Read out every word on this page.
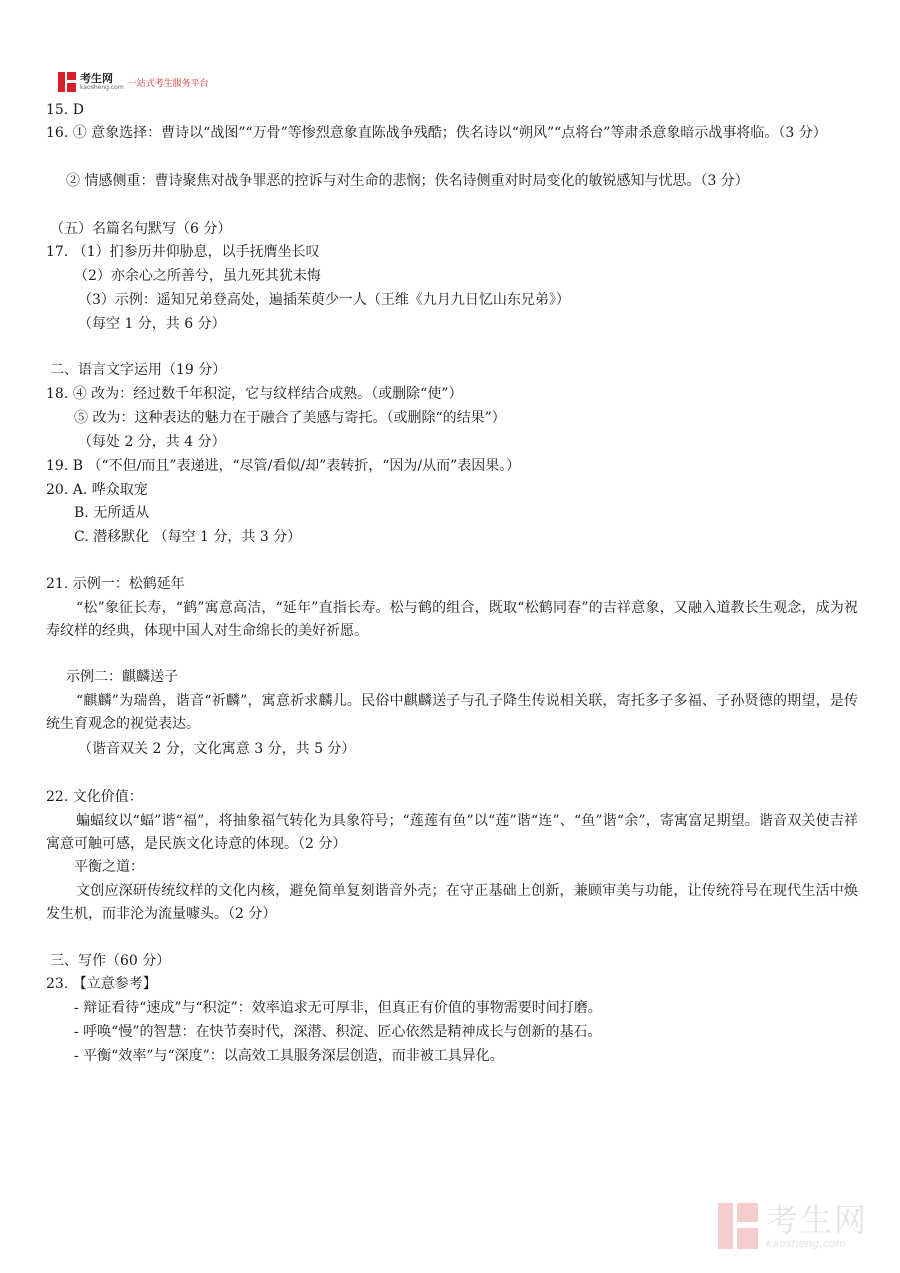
考生网
kaosheng.com 一站式考生服务平台
15. D
16. ① 意象选择：曹诗以“战图”“万骨”等惨烈意象直陈战争残酷；佚名诗以“朔风”“点将台”等肃杀意象暗示战事将临。（3 分）
② 情感侧重：曹诗聚焦对战争罪恶的控诉与对生命的悲悯；佚名诗侧重对时局变化的敏锐感知与忧思。（3 分）
（五）名篇名句默写（6 分）
17. （1）扪参历井仰胁息，以手抚膺坐长叹
（2）亦余心之所善兮，虽九死其犹未悔
（3）示例：遥知兄弟登高处，遍插茱萸少一人（王维《九月九日忆山东兄弟》）
（每空 1 分，共 6 分）
二、语言文字运用（19 分）
18. ④ 改为：经过数千年积淀，它与纹样结合成熟。（或删除“使”）
⑤ 改为：这种表达的魅力在于融合了美感与寄托。（或删除“的结果”）
（每处 2 分，共 4 分）
19. B （“不但/而且”表递进，“尽管/看似/却”表转折，“因为/从而”表因果。）
20. A. 哗众取宠
B. 无所适从
C. 潜移默化 （每空 1 分，共 3 分）
21. 示例一：松鹤延年
“松”象征长寿，“鹤”寓意高洁，“延年”直指长寿。松与鹤的组合，既取“松鹤同春”的吉祥意象，又融入道教长生观念，成为祝寿纹样的经典，体现中国人对生命绵长的美好祈愿。
示例二：麒麟送子
“麒麟”为瑞兽，谐音“祈麟”，寓意祈求麟儿。民俗中麒麟送子与孔子降生传说相关联，寄托多子多福、子孙贤德的期望，是传统生育观念的视觉表达。
（谐音双关 2 分，文化寓意 3 分，共 5 分）
22. 文化价值：
蝙蝠纹以“蝠”谐“福”，将抽象福气转化为具象符号；“莲莲有鱼”以“莲”谐“连”、“鱼”谐“余”，寄寓富足期望。谐音双关使吉祥寓意可触可感，是民族文化诗意的体现。（2 分）
平衡之道：
文创应深研传统纹样的文化内核，避免简单复刻谐音外壳；在守正基础上创新，兼顾审美与功能，让传统符号在现代生活中焕发生机，而非沦为流量噱头。（2 分）
三、写作（60 分）
23. 【立意参考】
- 辩证看待“速成”与“积淀”：效率追求无可厚非，但真正有价值的事物需要时间打磨。
- 呼唤“慢”的智慧：在快节奏时代，深潜、积淀、匠心依然是精神成长与创新的基石。
- 平衡“效率”与“深度”：以高效工具服务深层创造，而非被工具异化。
考生网
kaosheng.com
